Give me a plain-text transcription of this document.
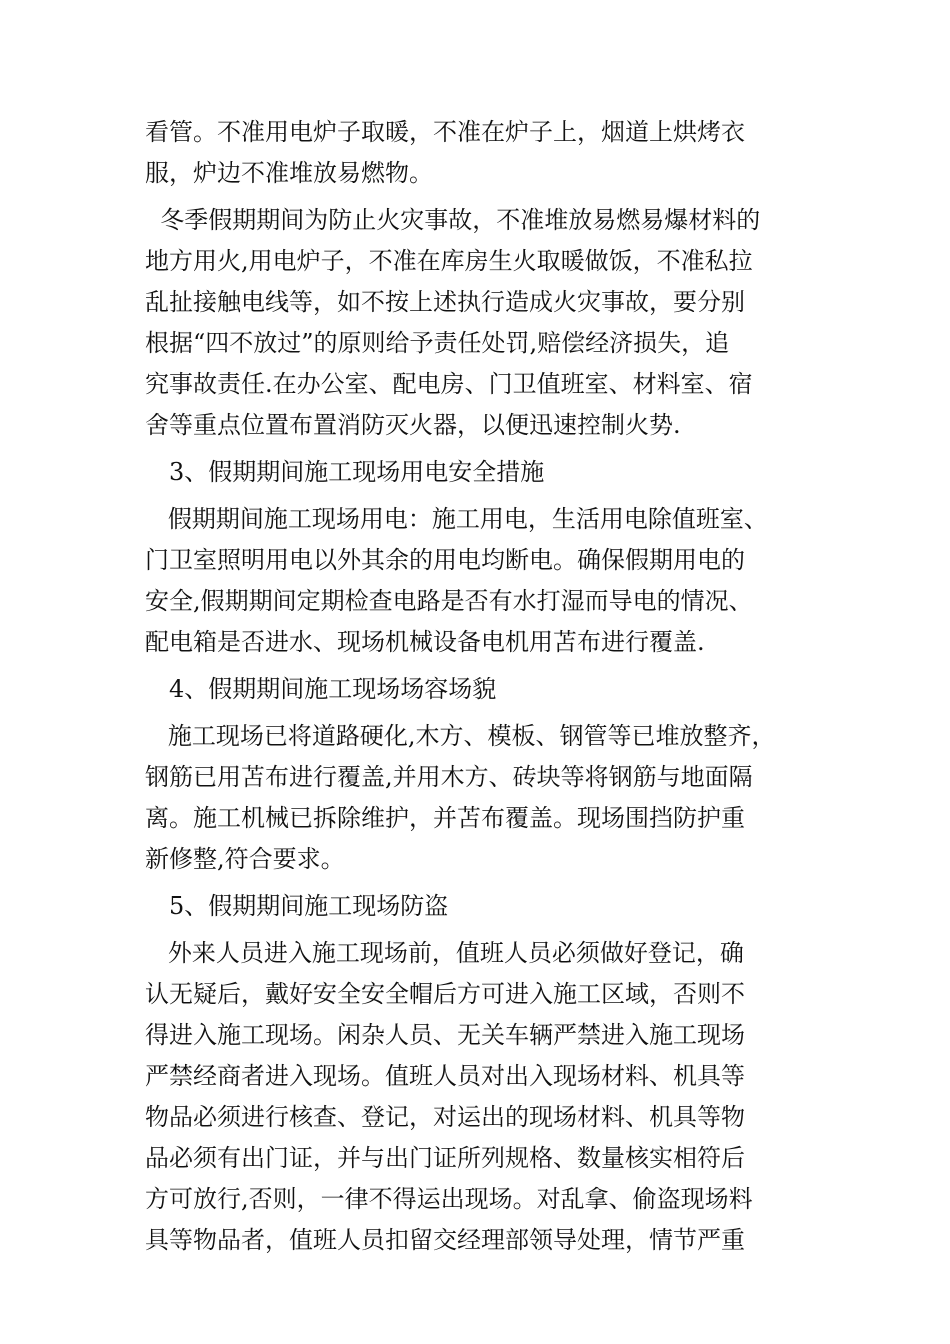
看管。不准用电炉子取暖，不准在炉子上，烟道上烘烤衣
服，炉边不准堆放易燃物。
冬季假期期间为防止火灾事故，不准堆放易燃易爆材料的
地方用火,用电炉子，不准在库房生火取暖做饭，不准私拉
乱扯接触电线等，如不按上述执行造成火灾事故，要分别
根据“四不放过”的原则给予责任处罚,赔偿经济损失，追
究事故责任.在办公室、配电房、门卫值班室、材料室、宿
舍等重点位置布置消防灭火器，以便迅速控制火势.
3、假期期间施工现场用电安全措施
假期期间施工现场用电：施工用电，生活用电除值班室、
门卫室照明用电以外其余的用电均断电。确保假期用电的
安全,假期期间定期检查电路是否有水打湿而导电的情况、
配电箱是否进水、现场机械设备电机用苫布进行覆盖.
4、假期期间施工现场场容场貌
施工现场已将道路硬化,木方、模板、钢管等已堆放整齐，
钢筋已用苫布进行覆盖,并用木方、砖块等将钢筋与地面隔
离。施工机械已拆除维护，并苫布覆盖。现场围挡防护重
新修整,符合要求。
5、假期期间施工现场防盗
外来人员进入施工现场前，值班人员必须做好登记，确
认无疑后，戴好安全安全帽后方可进入施工区域，否则不
得进入施工现场。闲杂人员、无关车辆严禁进入施工现场
严禁经商者进入现场。值班人员对出入现场材料、机具等
物品必须进行核查、登记，对运出的现场材料、机具等物
品必须有出门证，并与出门证所列规格、数量核实相符后
方可放行,否则，一律不得运出现场。对乱拿、偷盗现场料
具等物品者，值班人员扣留交经理部领导处理，情节严重
